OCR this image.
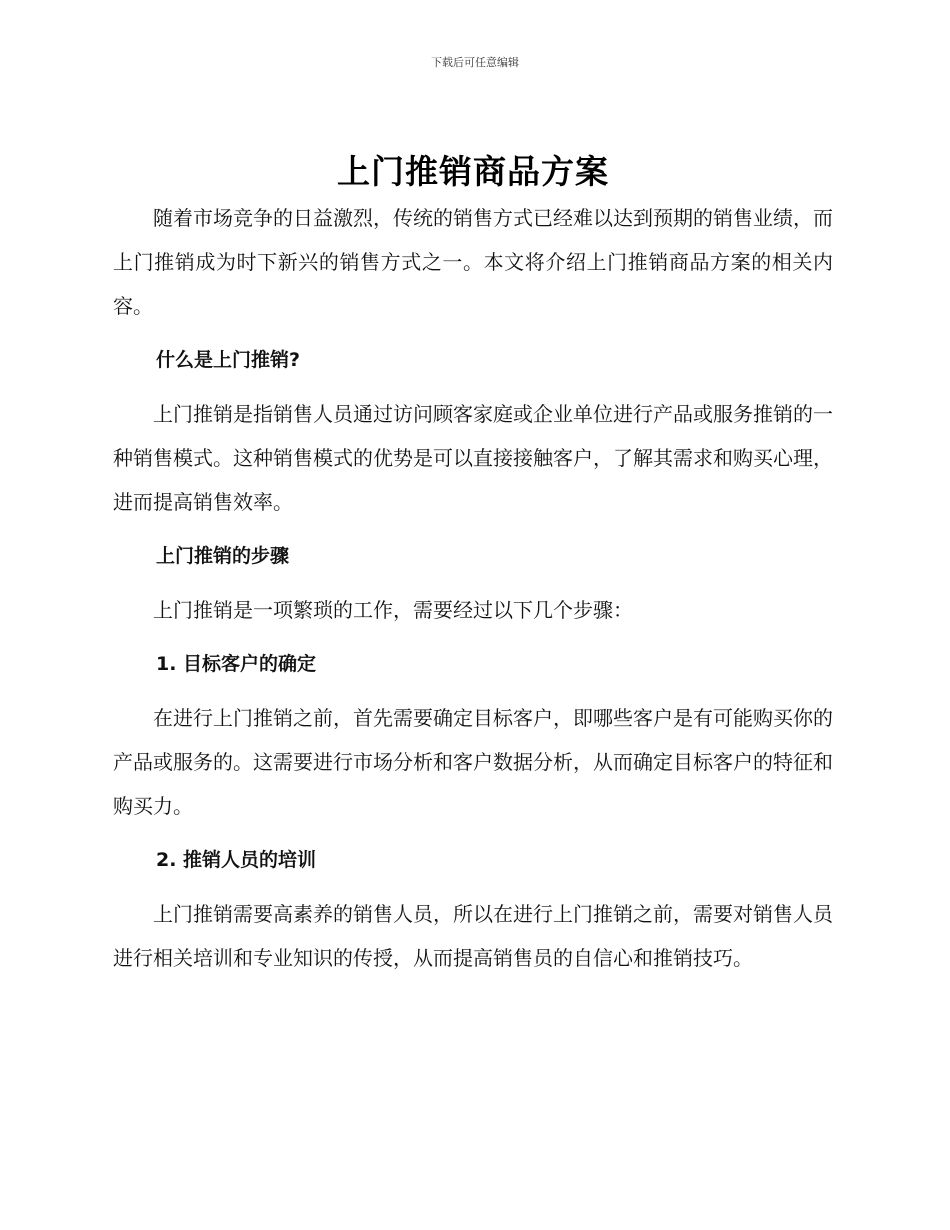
下载后可任意编辑
上门推销商品方案

随着市场竞争的日益激烈，传统的销售方式已经难以达到预期的销售业绩，而上门推销成为时下新兴的销售方式之一。本文将介绍上门推销商品方案的相关内容。

什么是上门推销?

上门推销是指销售人员通过访问顾客家庭或企业单位进行产品或服务推销的一种销售模式。这种销售模式的优势是可以直接接触客户，了解其需求和购买心理，进而提高销售效率。

上门推销的步骤

上门推销是一项繁琐的工作，需要经过以下几个步骤：

1. 目标客户的确定

在进行上门推销之前，首先需要确定目标客户，即哪些客户是有可能购买你的产品或服务的。这需要进行市场分析和客户数据分析，从而确定目标客户的特征和购买力。

2. 推销人员的培训

上门推销需要高素养的销售人员，所以在进行上门推销之前，需要对销售人员进行相关培训和专业知识的传授，从而提高销售员的自信心和推销技巧。
